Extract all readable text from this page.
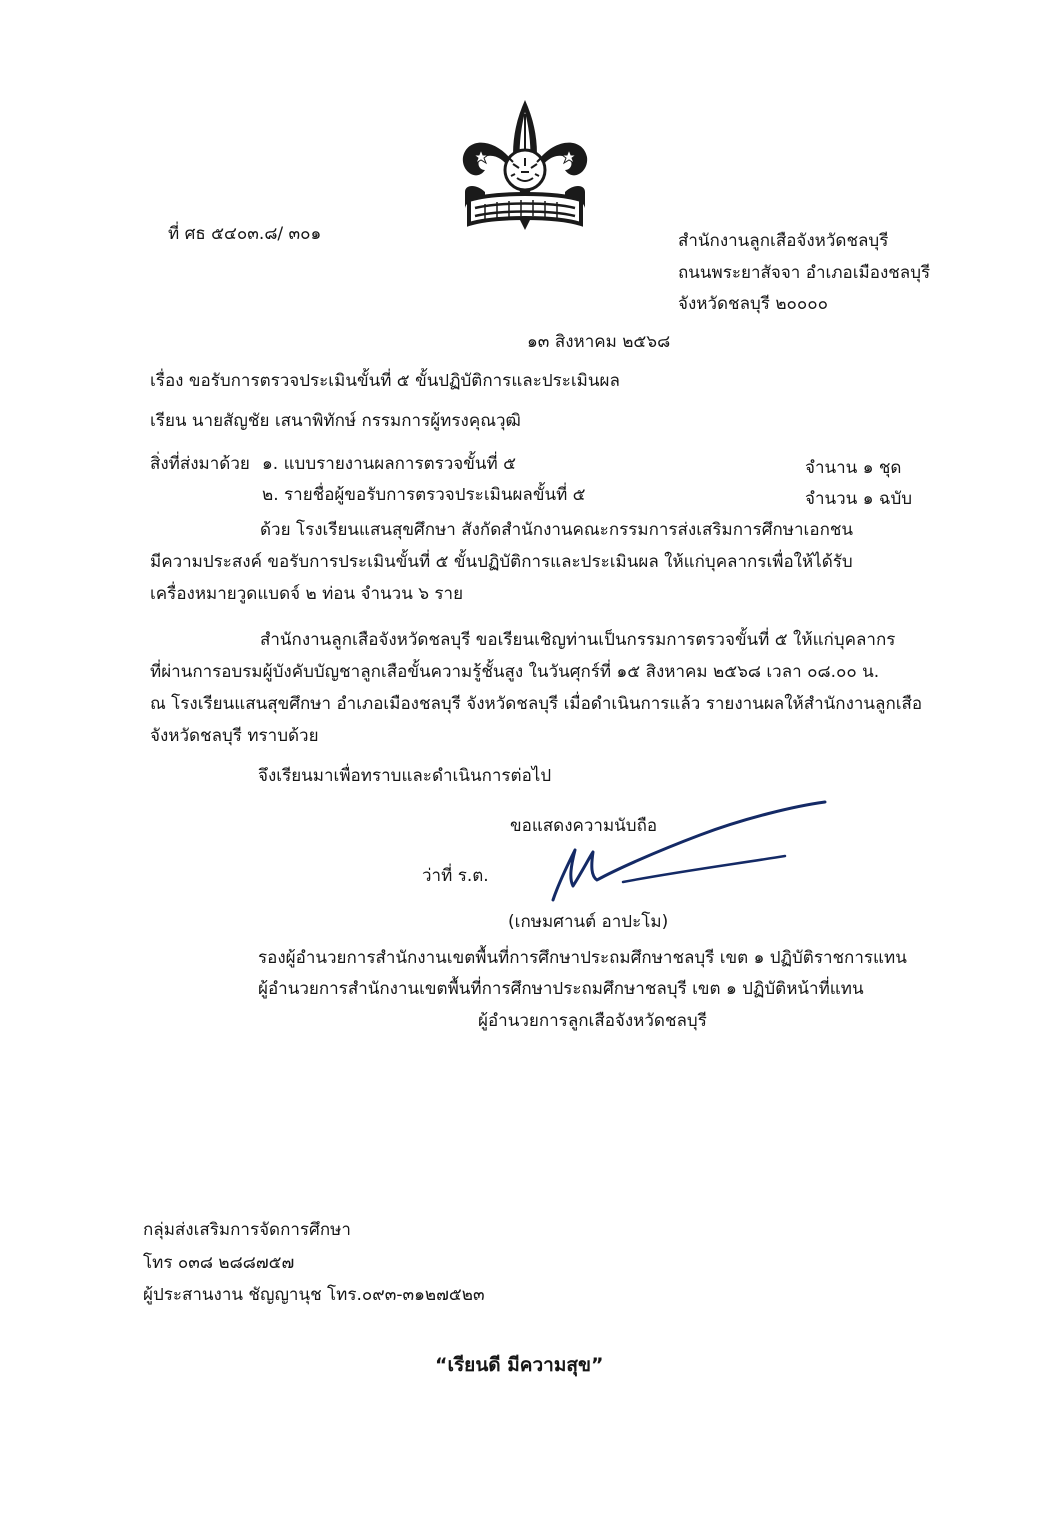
ที่ ศธ ๕๔๐๓.๘/ ๓๐๑	สำนักงานลูกเสือจังหวัดชลบุรี
ถนนพระยาสัจจา อำเภอเมืองชลบุรี
จังหวัดชลบุรี ๒๐๐๐๐
๑๓ สิงหาคม ๒๕๖๘
เรื่อง ขอรับการตรวจประเมินขั้นที่ ๕ ขั้นปฏิบัติการและประเมินผล
เรียน นายสัญชัย เสนาพิทักษ์ กรรมการผู้ทรงคุณวุฒิ
สิ่งที่ส่งมาด้วย ๑. แบบรายงานผลการตรวจขั้นที่ ๕	จำนาน ๑ ชุด
๒. รายชื่อผู้ขอรับการตรวจประเมินผลขั้นที่ ๕	จำนวน ๑ ฉบับ
ด้วย โรงเรียนแสนสุขศึกษา สังกัดสำนักงานคณะกรรมการส่งเสริมการศึกษาเอกชน
มีความประสงค์ ขอรับการประเมินขั้นที่ ๕ ขั้นปฏิบัติการและประเมินผล ให้แก่บุคลากรเพื่อให้ได้รับ
เครื่องหมายวูดแบดจ์ ๒ ท่อน จำนวน ๖ ราย
สำนักงานลูกเสือจังหวัดชลบุรี ขอเรียนเชิญท่านเป็นกรรมการตรวจขั้นที่ ๕ ให้แก่บุคลากร
ที่ผ่านการอบรมผู้บังคับบัญชาลูกเสือขั้นความรู้ชั้นสูง ในวันศุกร์ที่ ๑๕ สิงหาคม ๒๕๖๘ เวลา ๐๘.๐๐ น.
ณ โรงเรียนแสนสุขศึกษา อำเภอเมืองชลบุรี จังหวัดชลบุรี เมื่อดำเนินการแล้ว รายงานผลให้สำนักงานลูกเสือ
จังหวัดชลบุรี ทราบด้วย
จึงเรียนมาเพื่อทราบและดำเนินการต่อไป
ขอแสดงความนับถือ
ว่าที่ ร.ต.
(เกษมศานต์ อาปะโม)
รองผู้อำนวยการสำนักงานเขตพื้นที่การศึกษาประถมศึกษาชลบุรี เขต ๑ ปฏิบัติราชการแทน
ผู้อำนวยการสำนักงานเขตพื้นที่การศึกษาประถมศึกษาชลบุรี เขต ๑ ปฏิบัติหน้าที่แทน
ผู้อำนวยการลูกเสือจังหวัดชลบุรี
กลุ่มส่งเสริมการจัดการศึกษา
โทร ๐๓๘ ๒๘๘๗๕๗
ผู้ประสานงาน ชัญญานุช โทร.๐๙๓-๓๑๒๗๕๒๓
“เรียนดี มีความสุข”
